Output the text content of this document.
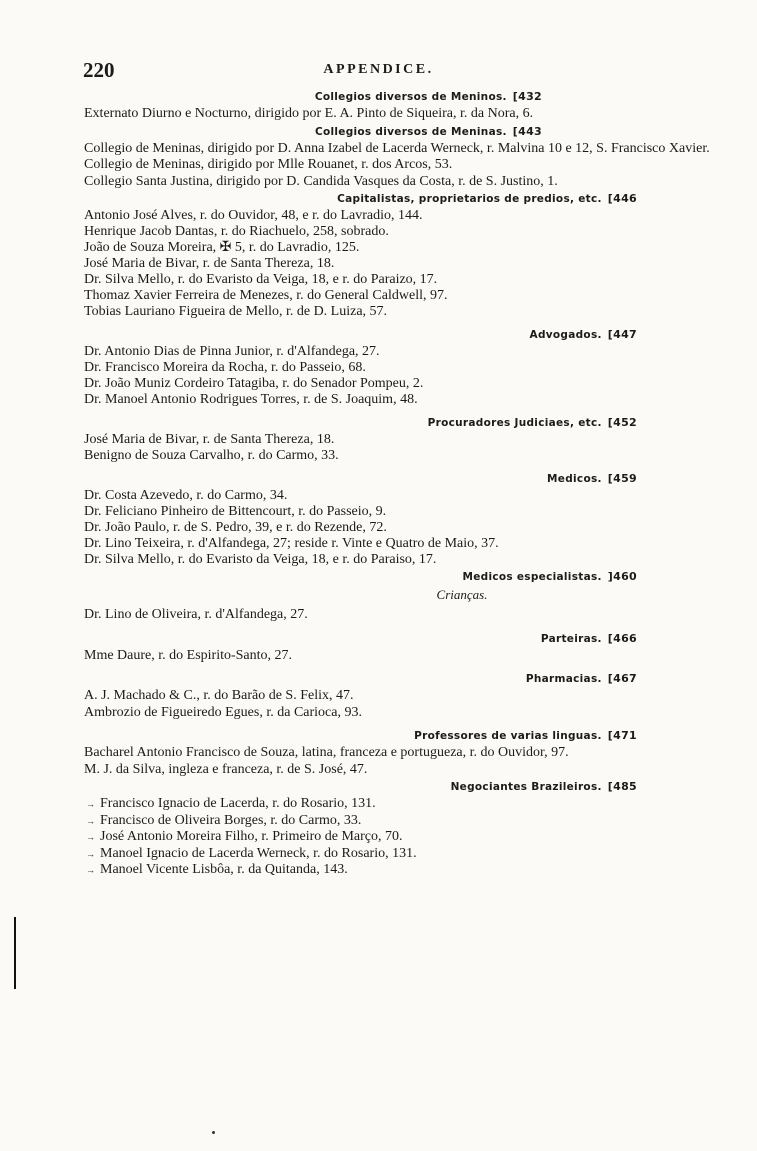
220	APPENDICE.
Collegios diversos de Meninos. [432
Externato Diurno e Nocturno, dirigido por E. A. Pinto de Siqueira, r. da Nora, 6.
Collegios diversos de Meninas. [443
Collegio de Meninas, dirigido por D. Anna Izabel de Lacerda Werneck, r. Malvina 10 e 12, S. Francisco Xavier.
Collegio de Meninas, dirigido por Mlle Rouanet, r. dos Arcos, 53.
Collegio Santa Justina, dirigido por D. Candida Vasques da Costa, r. de S. Justino, 1.
Capitalistas, proprietarios de predios, etc. [446
Antonio José Alves, r. do Ouvidor, 48, e r. do Lavradio, 144.
Henrique Jacob Dantas, r. do Riachuelo, 258, sobrado.
João de Souza Moreira, ✠ 5, r. do Lavradio, 125.
José Maria de Bivar, r. de Santa Thereza, 18.
Dr. Silva Mello, r. do Evaristo da Veiga, 18, e r. do Paraizo, 17.
Thomaz Xavier Ferreira de Menezes, r. do General Caldwell, 97.
Tobias Lauriano Figueira de Mello, r. de D. Luiza, 57.
Advogados. [447
Dr. Antonio Dias de Pinna Junior, r. d'Alfandega, 27.
Dr. Francisco Moreira da Rocha, r. do Passeio, 68.
Dr. João Muniz Cordeiro Tatagiba, r. do Senador Pompeu, 2.
Dr. Manoel Antonio Rodrigues Torres, r. de S. Joaquim, 48.
Procuradores Judiciaes, etc. [452
José Maria de Bivar, r. de Santa Thereza, 18.
Benigno de Souza Carvalho, r. do Carmo, 33.
Medicos. [459
Dr. Costa Azevedo, r. do Carmo, 34.
Dr. Feliciano Pinheiro de Bittencourt, r. do Passeio, 9.
Dr. João Paulo, r. de S. Pedro, 39, e r. do Rezende, 72.
Dr. Lino Teixeira, r. d'Alfandega, 27; reside r. Vinte e Quatro de Maio, 37.
Dr. Silva Mello, r. do Evaristo da Veiga, 18, e r. do Paraiso, 17.
Medicos especialistas. ]460
Crianças.
Dr. Lino de Oliveira, r. d'Alfandega, 27.
Parteiras. [466
Mme Daure, r. do Espirito-Santo, 27.
Pharmacias. [467
A. J. Machado & C., r. do Barão de S. Felix, 47.
Ambrozio de Figueiredo Egues, r. da Carioca, 93.
Professores de varias linguas. [471
Bacharel Antonio Francisco de Souza, latina, franceza e portugueza, r. do Ouvidor, 97.
M. J. da Silva, ingleza e franceza, r. de S. José, 47.
Negociantes Brazileiros. [485
→ Francisco Ignacio de Lacerda, r. do Rosario, 131.
→ Francisco de Oliveira Borges, r. do Carmo, 33.
→ José Antonio Moreira Filho, r. Primeiro de Março, 70.
→ Manoel Ignacio de Lacerda Werneck, r. do Rosario, 131.
→ Manoel Vicente Lisbôa, r. da Quitanda, 143.
